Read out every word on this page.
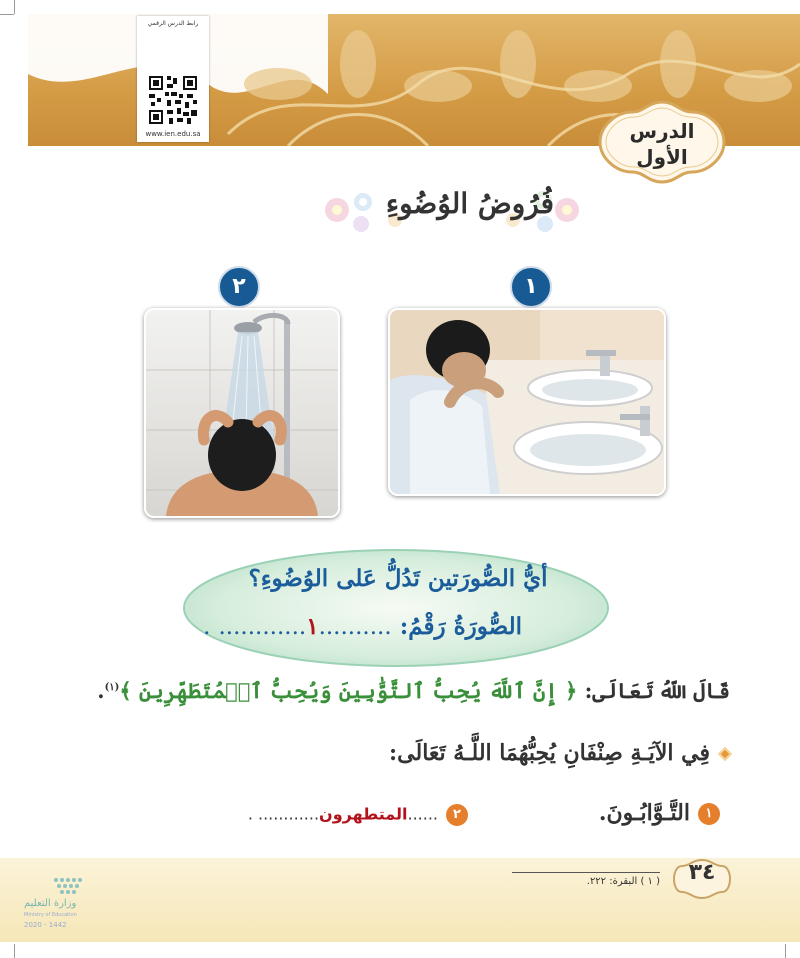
رابط الدرس الرقمي
www.ien.edu.sa	الدرس
الأول
فُرُوضُ الوُضُوءِ
٢	١
أيُّ الصُّورَتين تَدُلُّ عَلى الوُضُوءِ؟
الصُّورَةُ رَقْمُ: ..........١............ .
قَالَ اللّهُ تَعَالَى: ﴿ إِنَّ ٱللَّهَ يُحِبُّ ٱلتَّوَّٰبِينَ وَيُحِبُّ ٱلۡمُتَطَهِّرِينَ ﴾$^{(١)}$.
فِي الآيَـةِ صِنْفَانِ يُحِبُّهُمَا اللَّـهُ تَعَالَى:
١التَّـوَّابُـونَ.
٢......المتطهرون............ .
( ١ ) البقرة: ٢٢٢.	٣٤
وزارة التعليم
Ministry of Education
2020 - 1442
